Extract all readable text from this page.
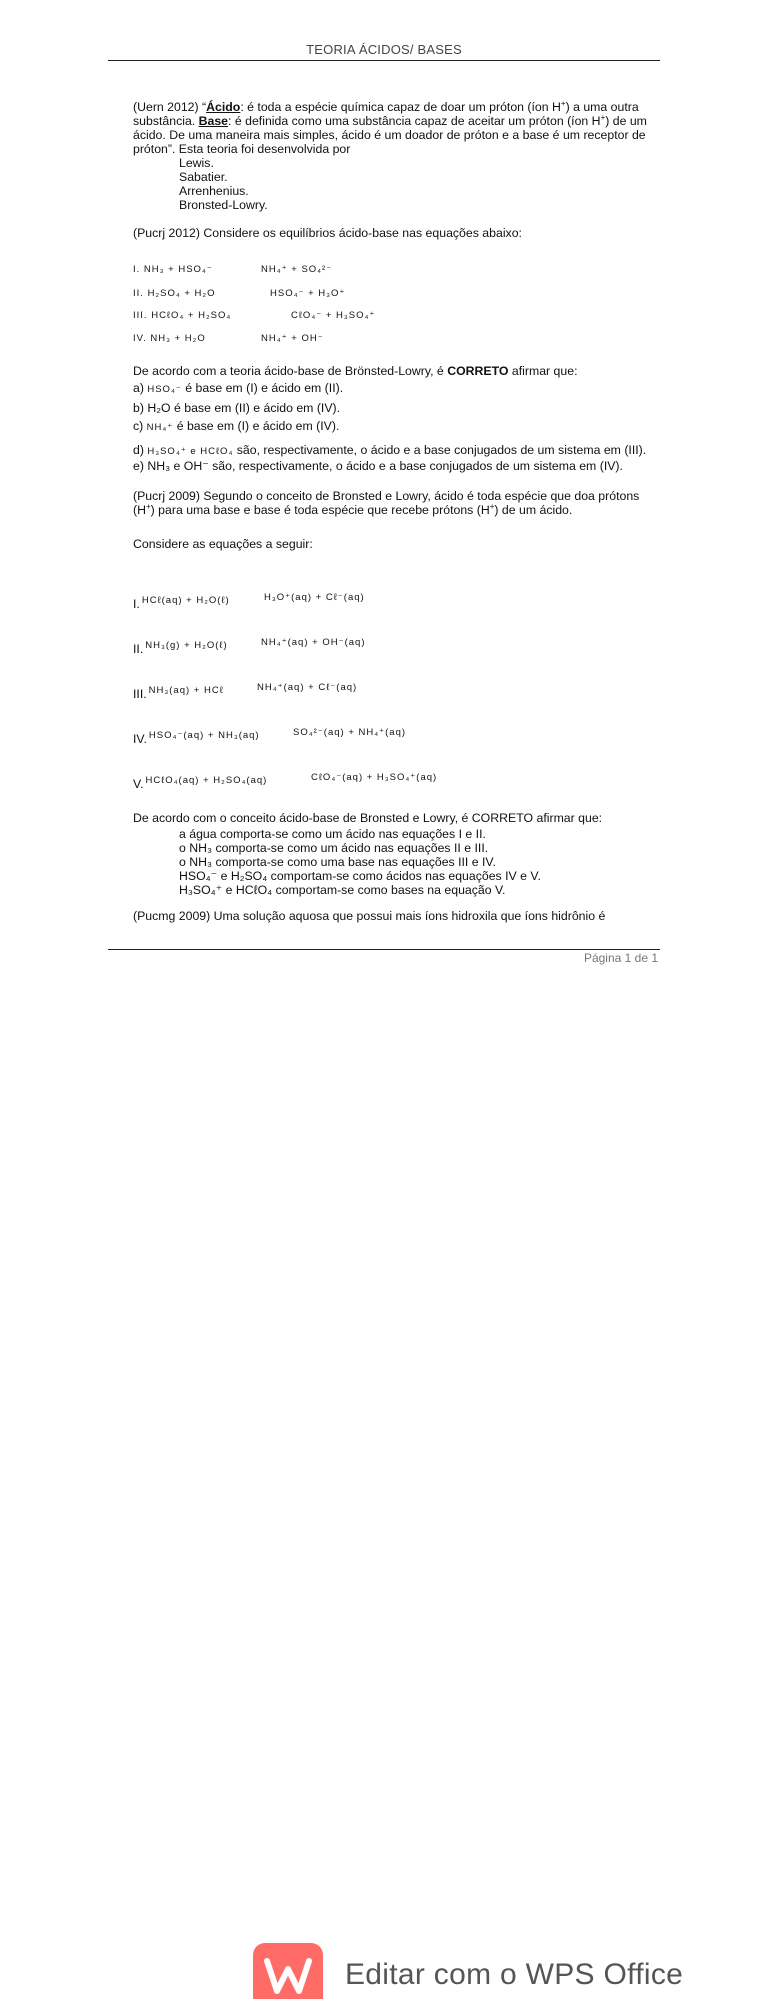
TEORIA ÁCIDOS/ BASES

(Uern 2012) “Ácido: é toda a espécie química capaz de doar um próton (íon H+) a uma outra substância. Base: é definida como uma substância capaz de aceitar um próton (íon H+) de um ácido. De uma maneira mais simples, ácido é um doador de próton e a base é um receptor de próton”. Esta teoria foi desenvolvida por

Lewis.

Sabatier.

Arrenhenius.

Bronsted-Lowry.

(Pucrj 2012) Considere os equilíbrios ácido-base nas equações abaixo:

I. NH₃ + HSO₄⁻	NH₄⁺ + SO₄²⁻
II. H₂SO₄ + H₂O	HSO₄⁻ + H₃O⁺
III. HCℓO₄ + H₂SO₄	CℓO₄⁻ + H₃SO₄⁺
IV. NH₃ + H₂O	NH₄⁺ + OH⁻

De acordo com a teoria ácido-base de Brönsted-Lowry, é CORRETO afirmar que:

a) HSO₄⁻ é base em (I) e ácido em (II).

b) H₂O é base em (II) e ácido em (IV).

c) NH₄⁺ é base em (I) e ácido em (IV).

d) H₃SO₄⁺ e HCℓO₄ são, respectivamente, o ácido e a base conjugados de um sistema em (III).

e) NH₃ e OH⁻ são, respectivamente, o ácido e a base conjugados de um sistema em (IV).

(Pucrj 2009) Segundo o conceito de Bronsted e Lowry, ácido é toda espécie que doa prótons (H+) para uma base e base é toda espécie que recebe prótons (H+) de um ácido.

Considere as equações a seguir:

I. HCℓ(aq) + H₂O(ℓ)	H₃O⁺(aq) + Cℓ⁻(aq)
II. NH₃(g) + H₂O(ℓ)	NH₄⁺(aq) + OH⁻(aq)
III. NH₃(aq) + HCℓ	NH₄⁺(aq) + Cℓ⁻(aq)
IV. HSO₄⁻(aq) + NH₃(aq)	SO₄²⁻(aq) + NH₄⁺(aq)
V. HCℓO₄(aq) + H₂SO₄(aq)	CℓO₄⁻(aq) + H₃SO₄⁺(aq)

De acordo com o conceito ácido-base de Bronsted e Lowry, é CORRETO afirmar que:

a água comporta-se como um ácido nas equações I e II.

o NH₃ comporta-se como um ácido nas equações II e III.

o NH₃ comporta-se como uma base nas equações III e IV.

HSO₄⁻ e H₂SO₄ comportam-se como ácidos nas equações IV e V.

H₃SO₄⁺ e HCℓO₄ comportam-se como bases na equação V.

(Pucmg 2009) Uma solução aquosa que possui mais íons hidroxila que íons hidrônio é

Página 1 de 1
Editar com o WPS Office
